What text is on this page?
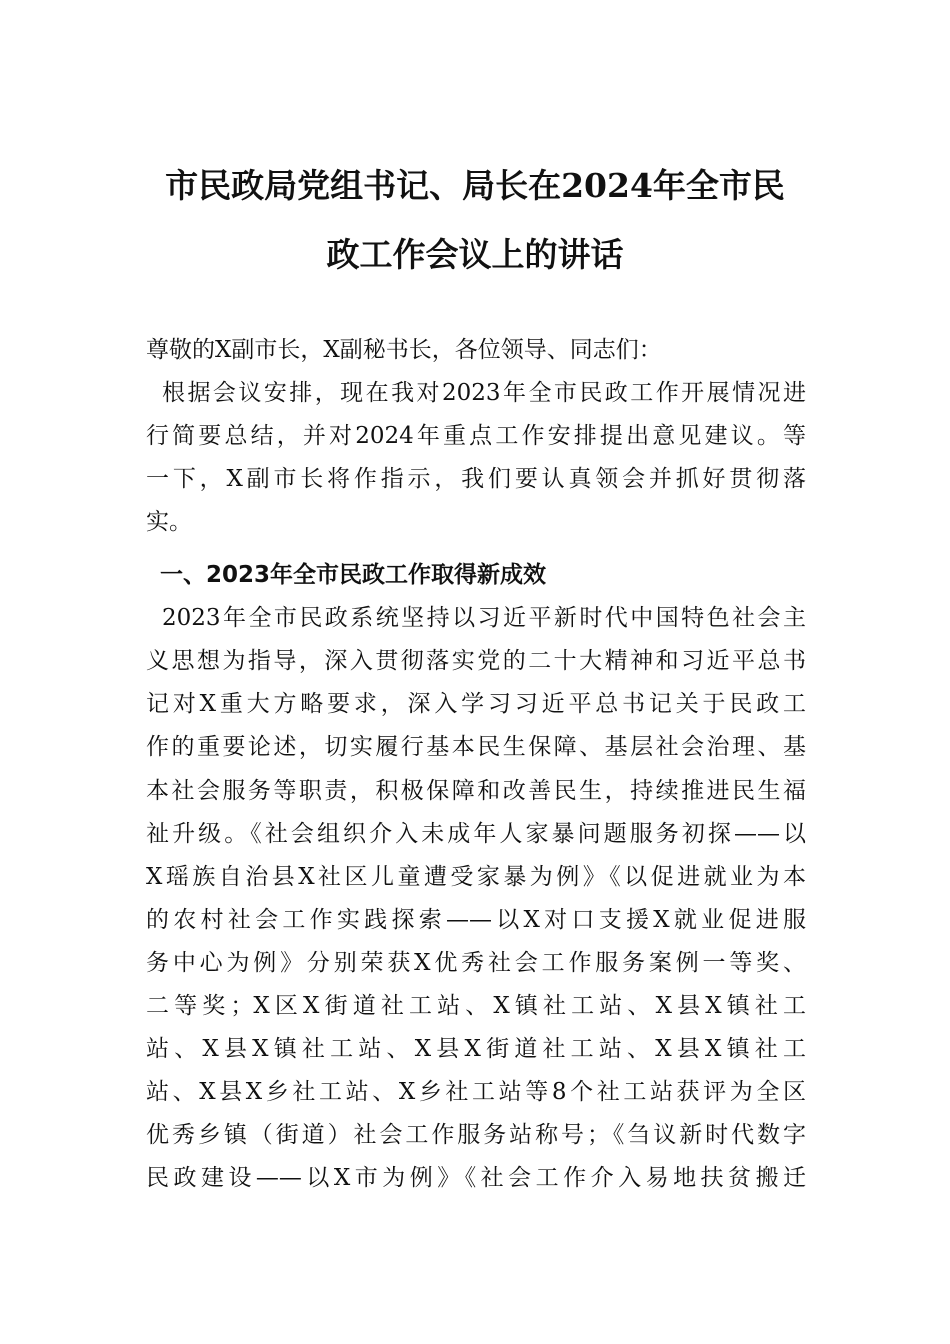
市民政局党组书记、局长在2024年全市民
政工作会议上的讲话
尊敬的X副市长，X副秘书长，各位领导、同志们：
根据会议安排，现在我对2023年全市民政工作开展情况进
行简要总结，并对2024年重点工作安排提出意见建议。等
一下，X副市长将作指示，我们要认真领会并抓好贯彻落
实。
一、2023年全市民政工作取得新成效
2023年全市民政系统坚持以习近平新时代中国特色社会主
义思想为指导，深入贯彻落实党的二十大精神和习近平总书
记对X重大方略要求，深入学习习近平总书记关于民政工
作的重要论述，切实履行基本民生保障、基层社会治理、基
本社会服务等职责，积极保障和改善民生，持续推进民生福
祉升级。《社会组织介入未成年人家暴问题服务初探——以
X瑶族自治县X社区儿童遭受家暴为例》《以促进就业为本
的农村社会工作实践探索——以X对口支援X就业促进服
务中心为例》分别荣获X优秀社会工作服务案例一等奖、
二等奖；X区X街道社工站、X镇社工站、X县X镇社工
站、X县X镇社工站、X县X街道社工站、X县X镇社工
站、X县X乡社工站、X乡社工站等8个社工站获评为全区
优秀乡镇（街道）社会工作服务站称号；《刍议新时代数字
民政建设——以X市为例》《社会工作介入易地扶贫搬迁
